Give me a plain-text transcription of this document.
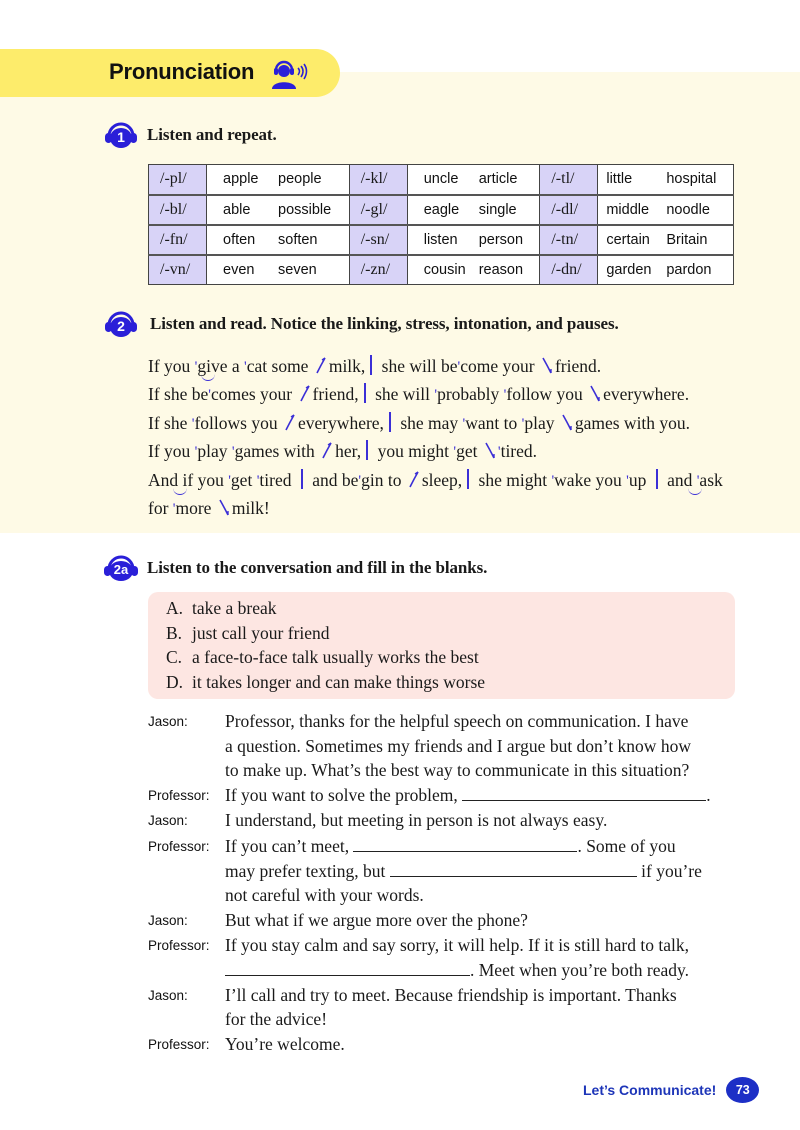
Pronunciation
1	Listen and repeat.
/-pl/	apple people	/-kl/	uncle article	/-tl/	little hospital
/-bl/	able possible	/-gl/	eagle single	/-dl/	middle noodle
/-fn/	often soften	/-sn/	listen person	/-tn/	certain Britain
/-vn/	even seven	/-zn/	cousin reason	/-dn/	garden pardon
2	Listen and read. Notice the linking, stress, intonation, and pauses.
If you 'give a 'cat some milk, she will be'come your friend.
If she be'comes your friend, she will 'probably 'follow you everywhere.
If she 'follows you everywhere, she may 'want to 'play games with you.
If you 'play 'games with her, you might 'get 'tired.
And if you 'get 'tired  and be'gin to sleep, she might 'wake you 'up  and 'ask
for 'more milk!
2a	Listen to the conversation and fill in the blanks.
A. take a break
B. just call your friend
C. a face-to-face talk usually works the best
D. it takes longer and can make things worse
Jason:	Professor, thanks for the helpful speech on communication. I have
a question. Sometimes my friends and I argue but don’t know how
to make up. What’s the best way to communicate in this situation?
Professor: If you want to solve the problem,	.
Jason:	I understand, but meeting in person is not always easy.
Professor: If you can’t meet,	. Some of you
may prefer texting, but	if you’re
not careful with your words.
Jason:	But what if we argue more over the phone?
Professor: If you stay calm and say sorry, it will help. If it is still hard to talk,
. Meet when you’re both ready.
Jason:	I’ll call and try to meet. Because friendship is important. Thanks
for the advice!
Professor: You’re welcome.
Let’s Communicate!	73
